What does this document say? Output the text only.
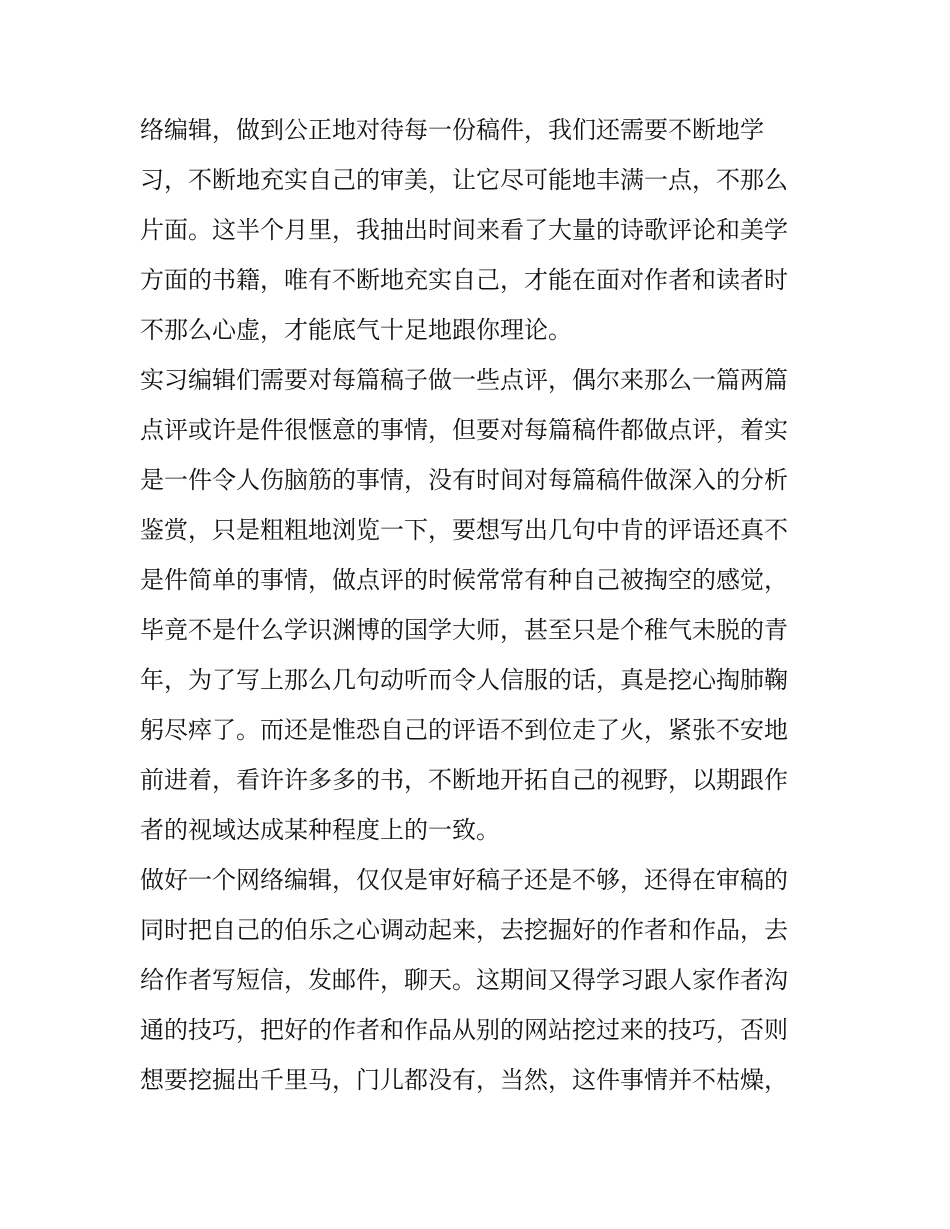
络编辑，做到公正地对待每一份稿件，我们还需要不断地学
习，不断地充实自己的审美，让它尽可能地丰满一点，不那么
片面。这半个月里，我抽出时间来看了大量的诗歌评论和美学
方面的书籍，唯有不断地充实自己，才能在面对作者和读者时
不那么心虚，才能底气十足地跟你理论。
实习编辑们需要对每篇稿子做一些点评，偶尔来那么一篇两篇
点评或许是件很惬意的事情，但要对每篇稿件都做点评，着实
是一件令人伤脑筋的事情，没有时间对每篇稿件做深入的分析
鉴赏，只是粗粗地浏览一下，要想写出几句中肯的评语还真不
是件简单的事情，做点评的时候常常有种自己被掏空的感觉，
毕竟不是什么学识渊博的国学大师，甚至只是个稚气未脱的青
年，为了写上那么几句动听而令人信服的话，真是挖心掏肺鞠
躬尽瘁了。而还是惟恐自己的评语不到位走了火，紧张不安地
前进着，看许许多多的书，不断地开拓自己的视野，以期跟作
者的视域达成某种程度上的一致。
做好一个网络编辑，仅仅是审好稿子还是不够，还得在审稿的
同时把自己的伯乐之心调动起来，去挖掘好的作者和作品，去
给作者写短信，发邮件，聊天。这期间又得学习跟人家作者沟
通的技巧，把好的作者和作品从别的网站挖过来的技巧，否则
想要挖掘出千里马，门儿都没有，当然，这件事情并不枯燥，
